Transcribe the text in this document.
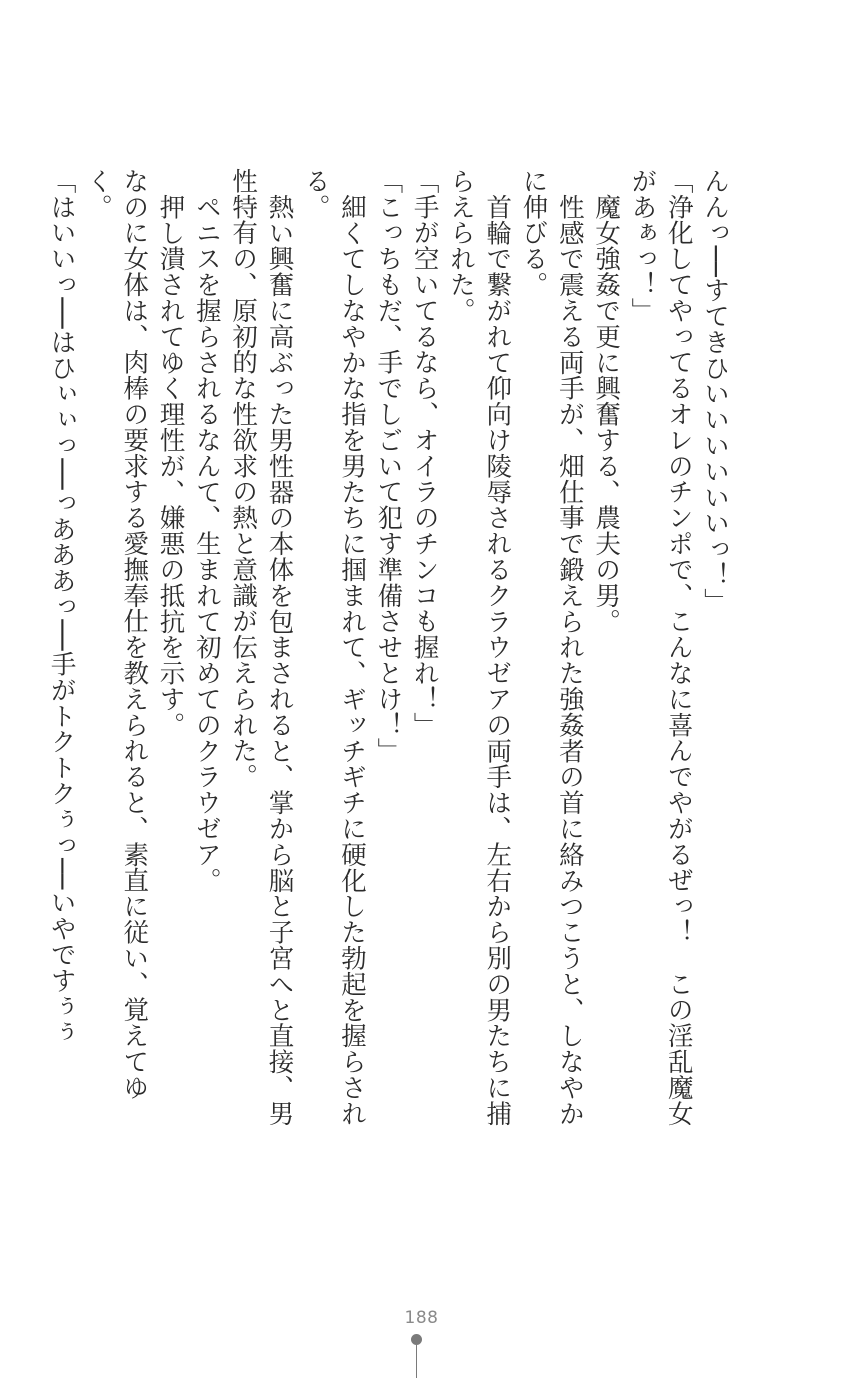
んんっ──すてきひいいいいいいっ！」

「浄化してやってるオレのチンポで、こんなに喜んでやがるぜっ！　この淫乱魔女があぁっ！」

魔女強姦で更に興奮する、農夫の男。

性感で震える両手が、畑仕事で鍛えられた強姦者の首に絡みつこうと、しなやかに伸びる。

首輪で繋がれて仰向け陵辱されるクラウゼアの両手は、左右から別の男たちに捕らえられた。

「手が空いてるなら、オイラのチンコも握れ！」

「こっちもだ、手でしごいて犯す準備させとけ！」

細くてしなやかな指を男たちに掴まれて、ギッチギチに硬化した勃起を握らされる。

熱い興奮に高ぶった男性器の本体を包まされると、掌から脳と子宮へと直接、男性特有の、原初的な性欲求の熱と意識が伝えられた。

ペニスを握らされるなんて、生まれて初めてのクラウゼア。

押し潰されてゆく理性が、嫌悪の抵抗を示す。

なのに女体は、肉棒の要求する愛撫奉仕を教えられると、素直に従い、覚えてゆく。

「はいいっ──はひぃぃっ──っあああっ──手がトクトクぅっ──いやですぅぅ

188
